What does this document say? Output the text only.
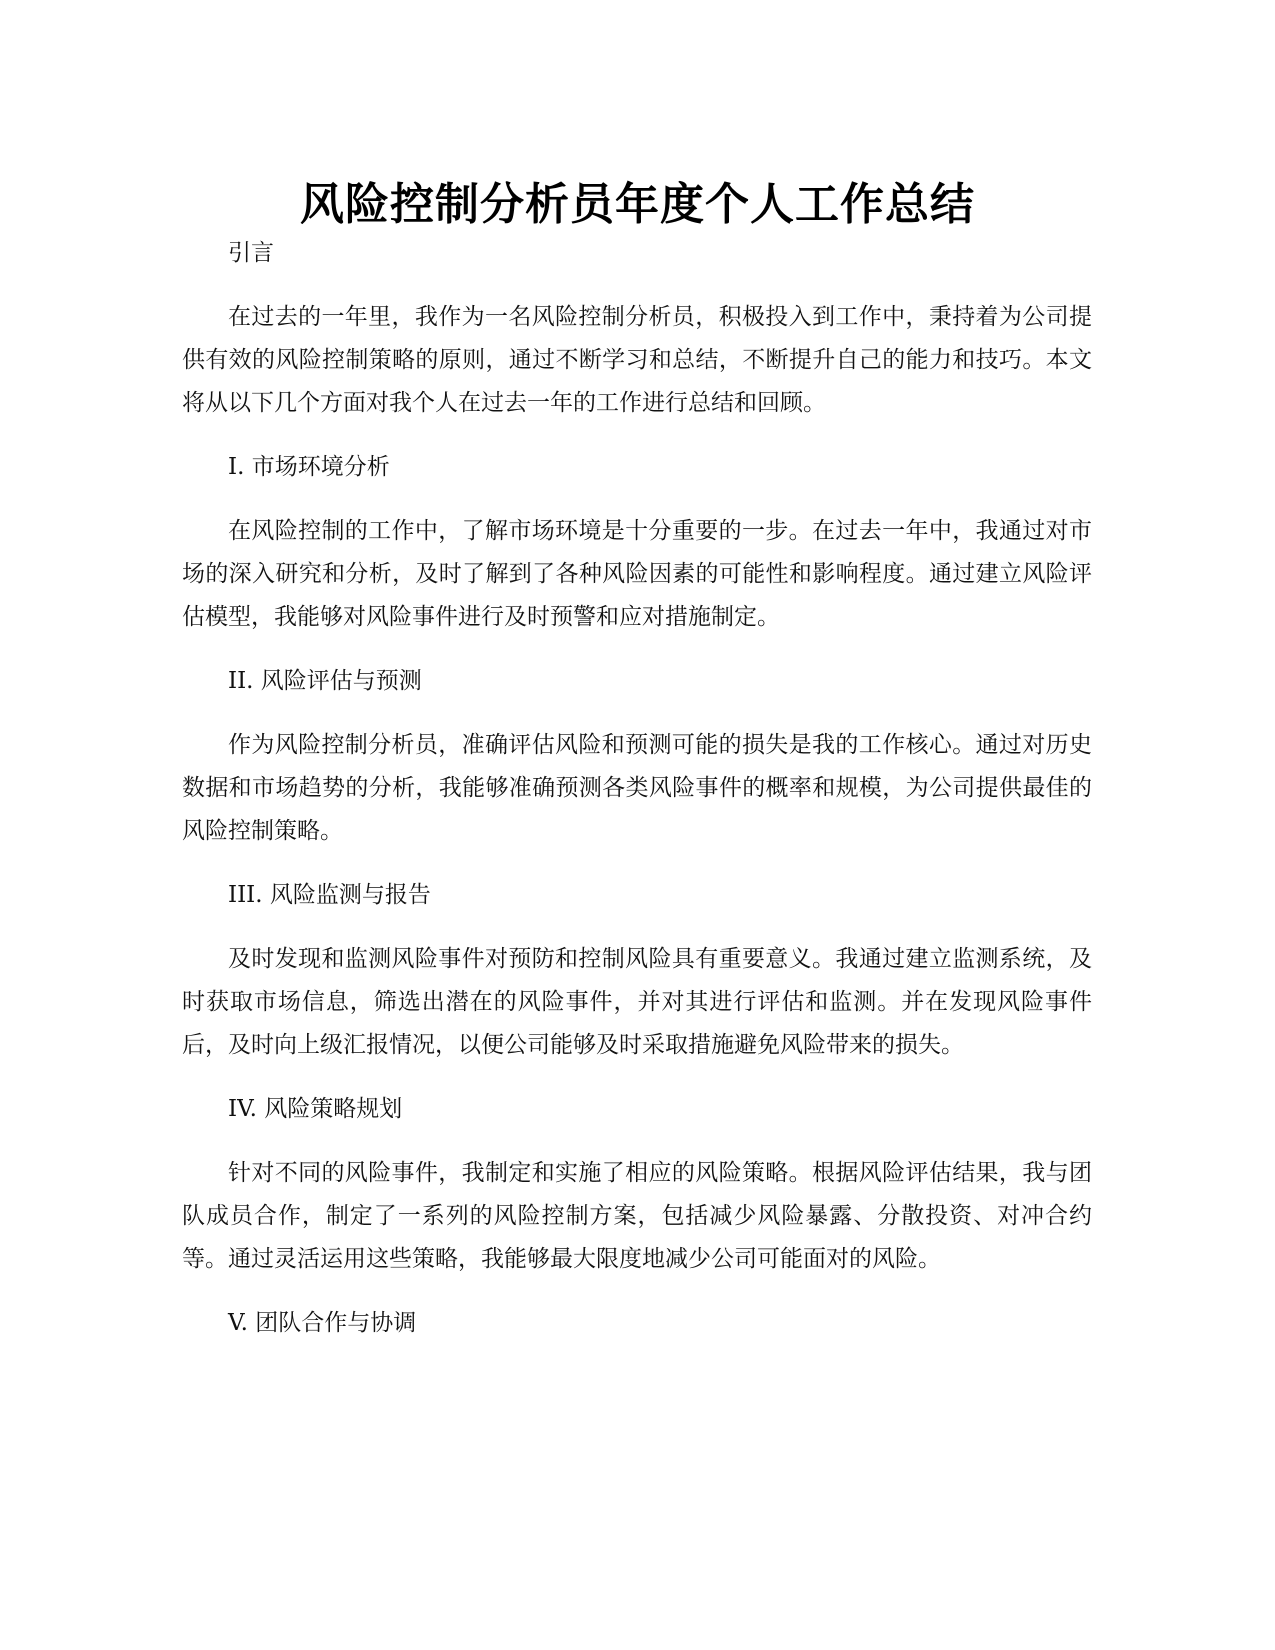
风险控制分析员年度个人工作总结

引言

在过去的一年里，我作为一名风险控制分析员，积极投入到工作中，秉持着为公司提供有效的风险控制策略的原则，通过不断学习和总结，不断提升自己的能力和技巧。本文将从以下几个方面对我个人在过去一年的工作进行总结和回顾。

I. 市场环境分析

在风险控制的工作中，了解市场环境是十分重要的一步。在过去一年中，我通过对市场的深入研究和分析，及时了解到了各种风险因素的可能性和影响程度。通过建立风险评估模型，我能够对风险事件进行及时预警和应对措施制定。

II. 风险评估与预测

作为风险控制分析员，准确评估风险和预测可能的损失是我的工作核心。通过对历史数据和市场趋势的分析，我能够准确预测各类风险事件的概率和规模，为公司提供最佳的风险控制策略。

III. 风险监测与报告

及时发现和监测风险事件对预防和控制风险具有重要意义。我通过建立监测系统，及时获取市场信息，筛选出潜在的风险事件，并对其进行评估和监测。并在发现风险事件后，及时向上级汇报情况，以便公司能够及时采取措施避免风险带来的损失。

IV. 风险策略规划

针对不同的风险事件，我制定和实施了相应的风险策略。根据风险评估结果，我与团队成员合作，制定了一系列的风险控制方案，包括减少风险暴露、分散投资、对冲合约等。通过灵活运用这些策略，我能够最大限度地减少公司可能面对的风险。

V. 团队合作与协调
